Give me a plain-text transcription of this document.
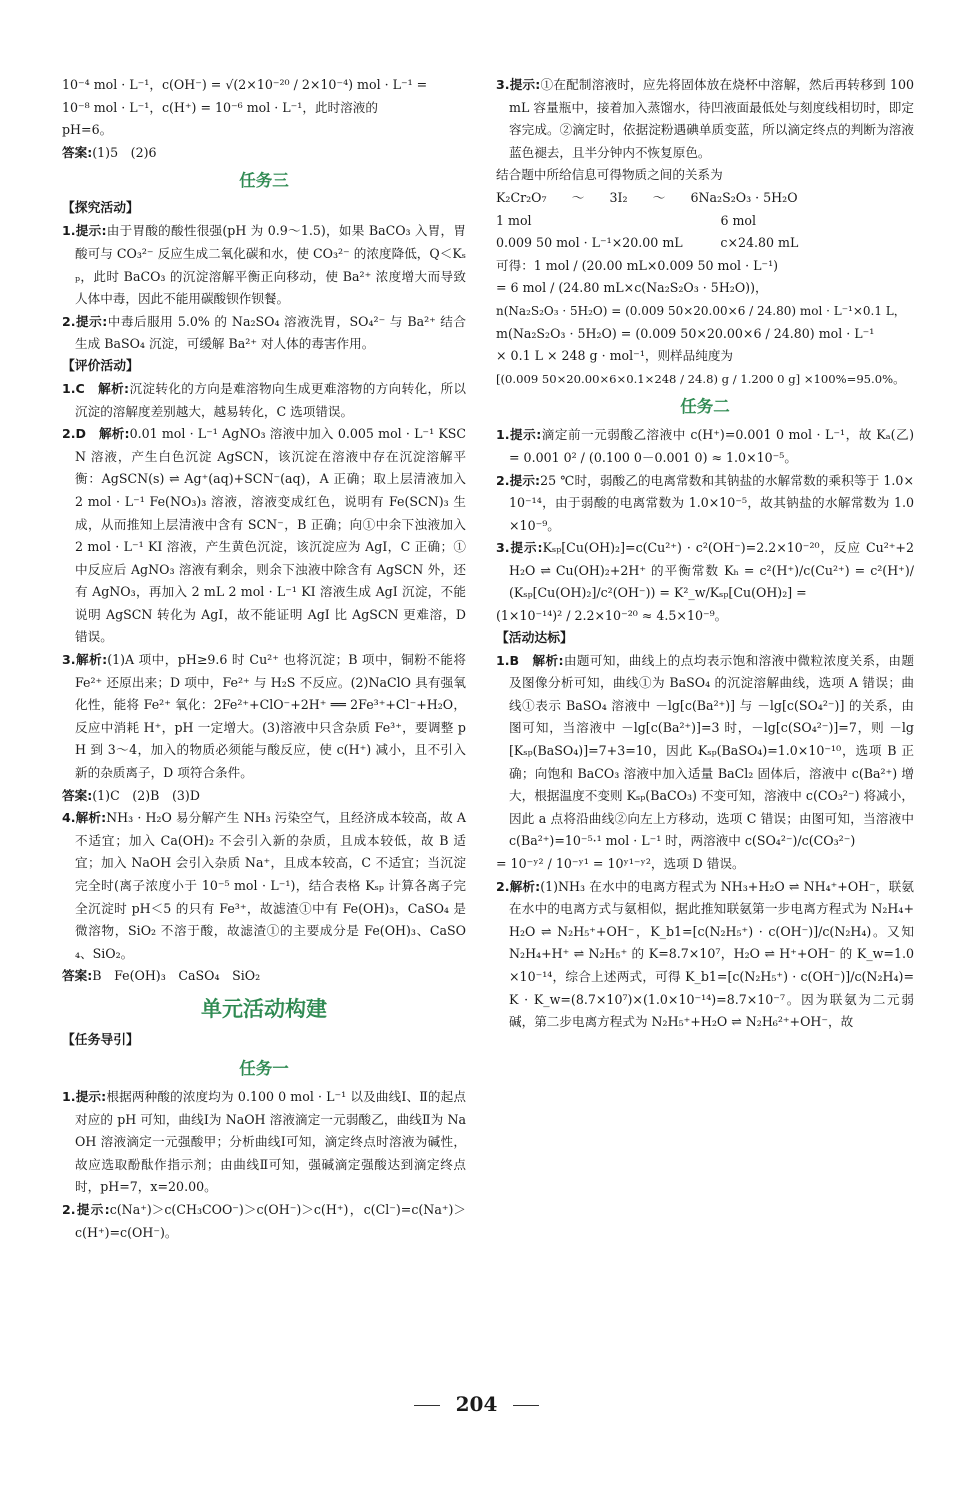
10⁻⁴ mol · L⁻¹，c(OH⁻) = √(2×10⁻²⁰ / 2×10⁻⁴) mol · L⁻¹ =

10⁻⁸ mol · L⁻¹，c(H⁺) = 10⁻⁶ mol · L⁻¹，此时溶液的

pH=6。

答案:(1)5　(2)6

任务三
【探究活动】

1.提示:由于胃酸的酸性很强(pH 为 0.9～1.5)，如果 BaCO₃ 入胃，胃酸可与 CO₃²⁻ 反应生成二氧化碳和水，使 CO₃²⁻ 的浓度降低，Q＜Kₛₚ，此时 BaCO₃ 的沉淀溶解平衡正向移动，使 Ba²⁺ 浓度增大而导致人体中毒，因此不能用碳酸钡作钡餐。

2.提示:中毒后服用 5.0% 的 Na₂SO₄ 溶液洗胃，SO₄²⁻ 与 Ba²⁺ 结合生成 BaSO₄ 沉淀，可缓解 Ba²⁺ 对人体的毒害作用。

【评价活动】

1.C　解析:沉淀转化的方向是难溶物向生成更难溶物的方向转化，所以沉淀的溶解度差别越大，越易转化，C 选项错误。

2.D　解析:0.01 mol · L⁻¹ AgNO₃ 溶液中加入 0.005 mol · L⁻¹ KSCN 溶液，产生白色沉淀 AgSCN，该沉淀在溶液中存在沉淀溶解平衡：AgSCN(s) ⇌ Ag⁺(aq)+SCN⁻(aq)，A 正确；取上层清液加入 2 mol · L⁻¹ Fe(NO₃)₃ 溶液，溶液变成红色，说明有 Fe(SCN)₃ 生成，从而推知上层清液中含有 SCN⁻，B 正确；向①中余下浊液加入 2 mol · L⁻¹ KI 溶液，产生黄色沉淀，该沉淀应为 AgI，C 正确；①中反应后 AgNO₃ 溶液有剩余，则余下浊液中除含有 AgSCN 外，还有 AgNO₃，再加入 2 mL 2 mol · L⁻¹ KI 溶液生成 AgI 沉淀，不能说明 AgSCN 转化为 AgI，故不能证明 AgI 比 AgSCN 更难溶，D 错误。

3.解析:(1)A 项中，pH≥9.6 时 Cu²⁺ 也将沉淀；B 项中，铜粉不能将 Fe²⁺ 还原出来；D 项中，Fe²⁺ 与 H₂S 不反应。(2)NaClO 具有强氧化性，能将 Fe²⁺ 氧化：2Fe²⁺+ClO⁻+2H⁺ ══ 2Fe³⁺+Cl⁻+H₂O，反应中消耗 H⁺，pH 一定增大。(3)溶液中只含杂质 Fe³⁺，要调整 pH 到 3～4，加入的物质必须能与酸反应，使 c(H⁺) 减小，且不引入新的杂质离子，D 项符合条件。

答案:(1)C　(2)B　(3)D

4.解析:NH₃ · H₂O 易分解产生 NH₃ 污染空气，且经济成本较高，故 A 不适宜；加入 Ca(OH)₂ 不会引入新的杂质，且成本较低，故 B 适宜；加入 NaOH 会引入杂质 Na⁺，且成本较高，C 不适宜；当沉淀完全时(离子浓度小于 10⁻⁵ mol · L⁻¹)，结合表格 Kₛₚ 计算各离子完全沉淀时 pH＜5 的只有 Fe³⁺，故滤渣①中有 Fe(OH)₃，CaSO₄ 是微溶物，SiO₂ 不溶于酸，故滤渣①的主要成分是 Fe(OH)₃、CaSO₄、SiO₂。

答案:B　Fe(OH)₃　CaSO₄　SiO₂

单元活动构建
【任务导引】
任务一

1.提示:根据两种酸的浓度均为 0.100 0 mol · L⁻¹ 以及曲线Ⅰ、Ⅱ的起点对应的 pH 可知，曲线Ⅰ为 NaOH 溶液滴定一元弱酸乙，曲线Ⅱ为 NaOH 溶液滴定一元强酸甲；分析曲线Ⅰ可知，滴定终点时溶液为碱性，故应选取酚酞作指示剂；由曲线Ⅱ可知，强碱滴定强酸达到滴定终点时，pH=7，x=20.00。

2.提示:c(Na⁺)＞c(CH₃COO⁻)＞c(OH⁻)＞c(H⁺)，c(Cl⁻)=c(Na⁺)＞c(H⁺)=c(OH⁻)。

3.提示:①在配制溶液时，应先将固体放在烧杯中溶解，然后再转移到 100 mL 容量瓶中，接着加入蒸馏水，待凹液面最低处与刻度线相切时，即定容完成。②滴定时，依据淀粉遇碘单质变蓝，所以滴定终点的判断为溶液蓝色褪去，且半分钟内不恢复原色。

结合题中所给信息可得物质之间的关系为

K₂Cr₂O₇　　～　　3I₂　　～　　6Na₂S₂O₃ · 5H₂O

1 mol　　　　　　　　　　　　　　　6 mol

0.009 50 mol · L⁻¹×20.00 mL　　　c×24.80 mL

可得：1 mol / (20.00 mL×0.009 50 mol · L⁻¹)

= 6 mol / (24.80 mL×c(Na₂S₂O₃ · 5H₂O))，

n(Na₂S₂O₃ · 5H₂O) = (0.009 50×20.00×6 / 24.80) mol · L⁻¹×0.1 L，

m(Na₂S₂O₃ · 5H₂O) = (0.009 50×20.00×6 / 24.80) mol · L⁻¹

× 0.1 L × 248 g · mol⁻¹，则样品纯度为

[(0.009 50×20.00×6×0.1×248 / 24.8) g / 1.200 0 g] ×100%=95.0%。

任务二

1.提示:滴定前一元弱酸乙溶液中 c(H⁺)=0.001 0 mol · L⁻¹，故 Kₐ(乙) = 0.001 0² / (0.100 0－0.001 0) ≈ 1.0×10⁻⁵。

2.提示:25 ℃时，弱酸乙的电离常数和其钠盐的水解常数的乘积等于 1.0×10⁻¹⁴，由于弱酸的电离常数为 1.0×10⁻⁵，故其钠盐的水解常数为 1.0×10⁻⁹。

3.提示:Kₛₚ[Cu(OH)₂]=c(Cu²⁺) · c²(OH⁻)=2.2×10⁻²⁰，反应 Cu²⁺+2H₂O ⇌ Cu(OH)₂+2H⁺ 的平衡常数 Kₕ = c²(H⁺)/c(Cu²⁺) = c²(H⁺)/(Kₛₚ[Cu(OH)₂]/c²(OH⁻)) = K²_w/Kₛₚ[Cu(OH)₂] =

(1×10⁻¹⁴)² / 2.2×10⁻²⁰ ≈ 4.5×10⁻⁹。

【活动达标】

1.B　解析:由题可知，曲线上的点均表示饱和溶液中微粒浓度关系，由题及图像分析可知，曲线①为 BaSO₄ 的沉淀溶解曲线，选项 A 错误；曲线①表示 BaSO₄ 溶液中 －lg[c(Ba²⁺)] 与 －lg[c(SO₄²⁻)] 的关系，由图可知，当溶液中 －lg[c(Ba²⁺)]=3 时，－lg[c(SO₄²⁻)]=7，则 －lg[Kₛₚ(BaSO₄)]=7+3=10，因此 Kₛₚ(BaSO₄)=1.0×10⁻¹⁰，选项 B 正确；向饱和 BaCO₃ 溶液中加入适量 BaCl₂ 固体后，溶液中 c(Ba²⁺) 增大，根据温度不变则 Kₛₚ(BaCO₃) 不变可知，溶液中 c(CO₃²⁻) 将减小，因此 a 点将沿曲线②向左上方移动，选项 C 错误；由图可知，当溶液中 c(Ba²⁺)=10⁻⁵·¹ mol · L⁻¹ 时，两溶液中 c(SO₄²⁻)/c(CO₃²⁻)

= 10⁻ʸ² / 10⁻ʸ¹ = 10ʸ¹⁻ʸ²，选项 D 错误。

2.解析:(1)NH₃ 在水中的电离方程式为 NH₃+H₂O ⇌ NH₄⁺+OH⁻，联氨在水中的电离方式与氨相似，据此推知联氨第一步电离方程式为 N₂H₄+H₂O ⇌ N₂H₅⁺+OH⁻，K_b1=[c(N₂H₅⁺) · c(OH⁻)]/c(N₂H₄)。又知 N₂H₄+H⁺ ⇌ N₂H₅⁺ 的 K=8.7×10⁷，H₂O ⇌ H⁺+OH⁻ 的 K_w=1.0×10⁻¹⁴，综合上述两式，可得 K_b1=[c(N₂H₅⁺) · c(OH⁻)]/c(N₂H₄)=K · K_w=(8.7×10⁷)×(1.0×10⁻¹⁴)=8.7×10⁻⁷。因为联氨为二元弱碱，第二步电离方程式为 N₂H₅⁺+H₂O ⇌ N₂H₆²⁺+OH⁻，故

204
